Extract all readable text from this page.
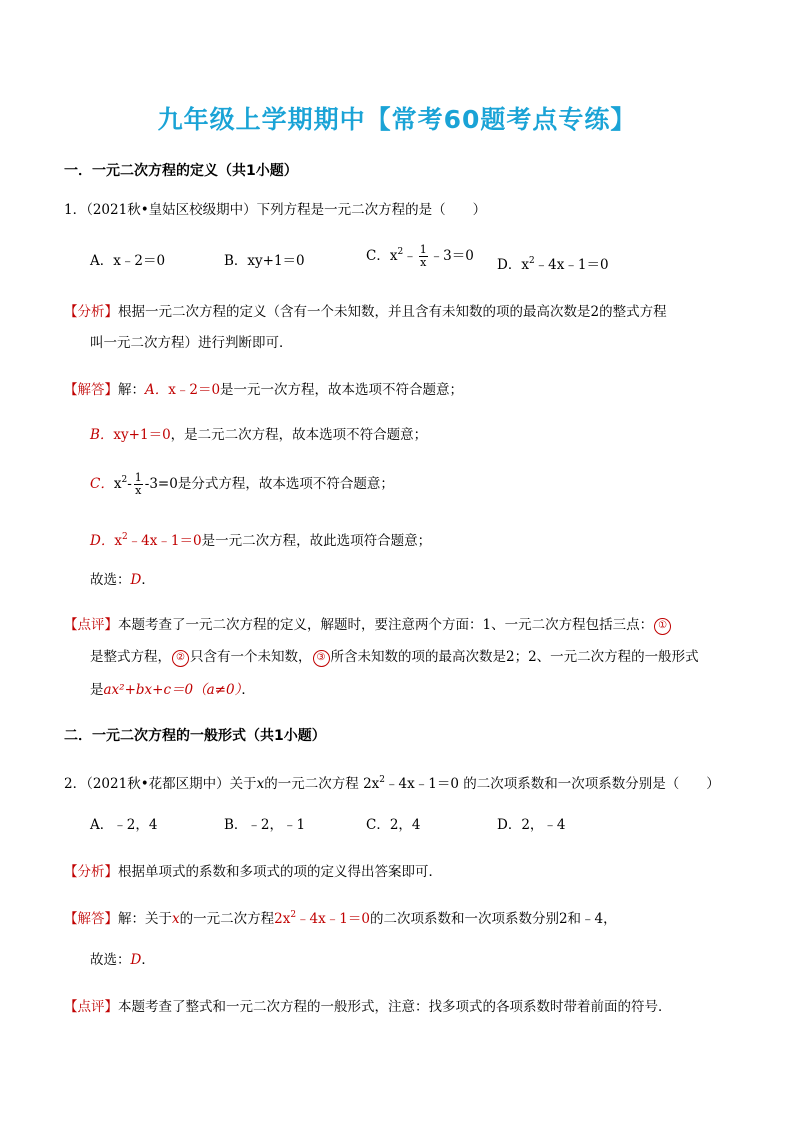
九年级上学期期中【常考60题考点专练】
一．一元二次方程的定义（共1小题）
1．（2021秋•皇姑区校级期中）下列方程是一元二次方程的是（　　）
A．x﹣2＝0	B．xy+1＝0	C．$x^2﹣ \frac{1}{x}$ ﹣3＝0
D．$x^2﹣4x﹣1=0$
【分析】根据一元二次方程的定义（含有一个未知数，并且含有未知数的项的最高次数是2的整式方程
叫一元二次方程）进行判断即可．
【解答】解：A．x﹣2＝0是一元一次方程，故本选项不符合题意；
B．xy+1＝0，是二元二次方程，故本选项不符合题意；
C．$x^2- \frac{1}{x} -3=0$是分式方程，故本选项不符合题意；
D．$x^2﹣4x﹣1=0$是一元二次方程，故此选项符合题意；
故选：D．
【点评】本题考查了一元二次方程的定义，解题时，要注意两个方面：1、一元二次方程包括三点： ①
是整式方程， ② 只含有一个未知数， ③ 所含未知数的项的最高次数是2；2、一元二次方程的一般形式
是ax²+bx+c＝0（a≠0）．
二．一元二次方程的一般形式（共1小题）
2．（2021秋•花都区期中）关于x的一元二次方程 $2x^2﹣4x﹣1=0$ 的二次项系数和一次项系数分别是（　　）
A．﹣2，4	B．﹣2，﹣1	C．2，4	D．2，﹣4
【分析】根据单项式的系数和多项式的项的定义得出答案即可．
【解答】解：关于x的一元二次方程$2x^2﹣4x﹣1=0$的二次项系数和一次项系数分别2和﹣4，
故选：D．
【点评】本题考查了整式和一元二次方程的一般形式，注意：找多项式的各项系数时带着前面的符号．
